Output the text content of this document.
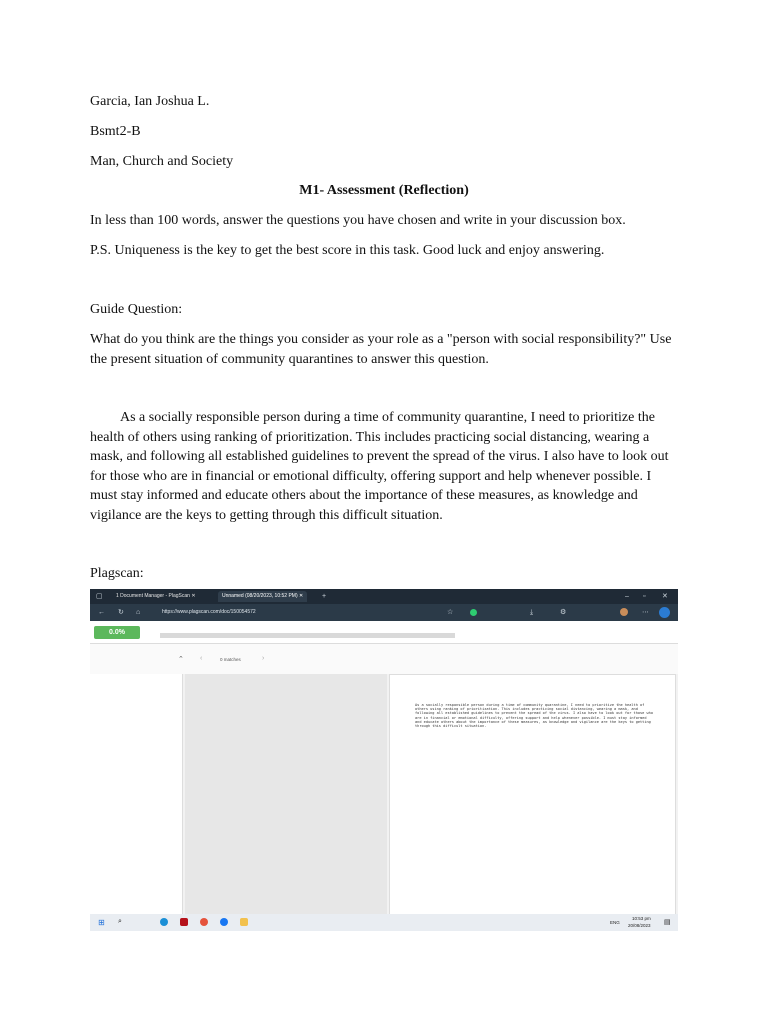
Garcia, Ian Joshua L.
Bsmt2-B
Man, Church and Society
M1- Assessment (Reflection)
In less than 100 words, answer the questions you have chosen and write in your discussion box.
P.S. Uniqueness is the key to get the best score in this task. Good luck and enjoy answering.
Guide Question:

What do you think are the things you consider as your role as a "person with social responsibility?" Use the present situation of community quarantines to answer this question.

As a socially responsible person during a time of community quarantine, I need to prioritize the health of others using ranking of prioritization. This includes practicing social distancing, wearing a mask, and following all established guidelines to prevent the spread of the virus. I also have to look out for those who are in financial or emotional difficulty, offering support and help whenever possible. I must stay informed and educate others about the importance of these measures, as knowledge and vigilance are the keys to getting through this difficult situation.

Plagscan:
▢	1 Document Manager - PlagScan ✕	Unnamed (08/20/2023, 10:52 PM) ✕	+	– ▫ ✕
← ↻ ⌂	https://www.plagscan.com/doc/150054572	☆	⤓	⚙	⋯
0.0%
⌃ ‹	0 matches	›
As a socially responsible person during a time of community quarantine, I need to prioritize the health of others using ranking of prioritization. This includes practicing social distancing, wearing a mask, and following all established guidelines to prevent the spread of the virus. I also have to look out for those who are in financial or emotional difficulty, offering support and help whenever possible. I must stay informed and educate others about the importance of these measures, as knowledge and vigilance are the keys to getting through this difficult situation.
⊞ ⌕	ENG
10:53 pm
20/08/2023 ▤
